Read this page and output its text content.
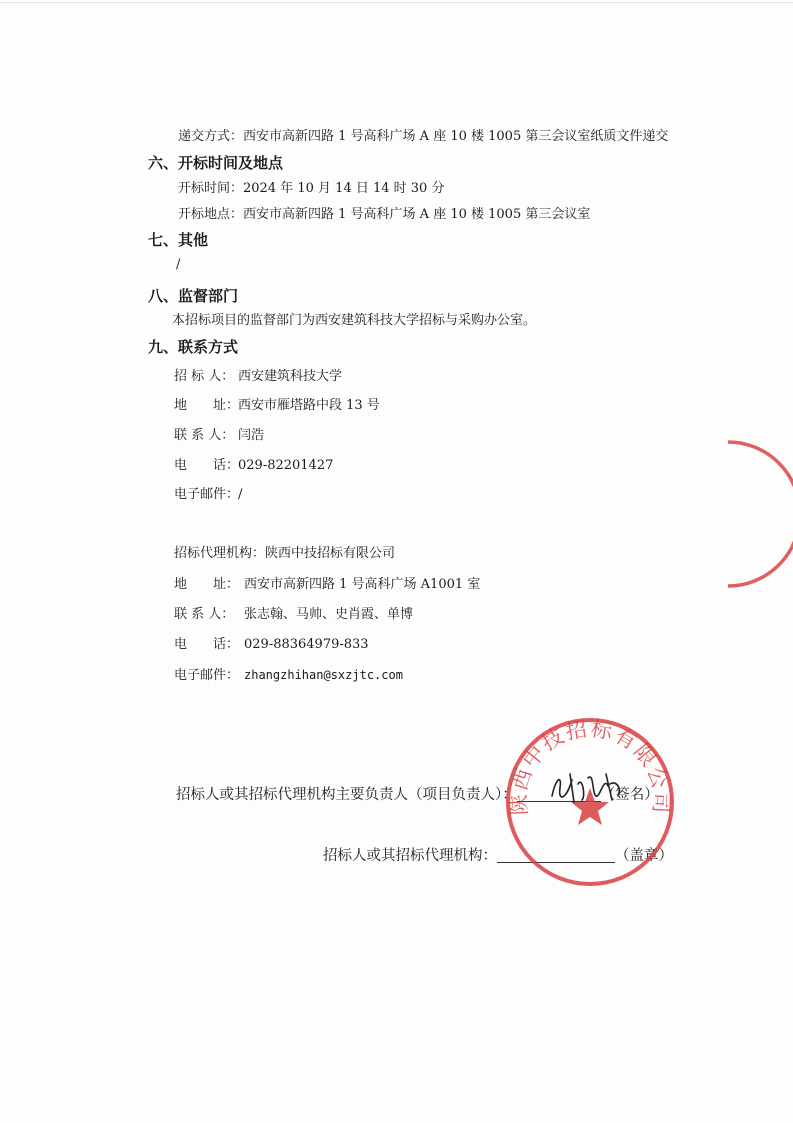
递交方式：西安市高新四路 1 号高科广场 A 座 10 楼 1005 第三会议室纸质文件递交
六、开标时间及地点
开标时间：2024 年 10 月 14 日 14 时 30 分
开标地点：西安市高新四路 1 号高科广场 A 座 10 楼 1005 第三会议室
七、其他
/
八、监督部门
本招标项目的监督部门为西安建筑科技大学招标与采购办公室。
九、联系方式
招 标 人： 西安建筑科技大学
地　　址：西安市雁塔路中段 13 号
联 系 人： 闫浩
电　　话：029-82201427
电子邮件：/
招标代理机构：陕西中技招标有限公司
地　　址： 西安市高新四路 1 号高科广场 A1001 室
联 系 人： 张志翰、马帅、史肖霞、单博
电　　话： 029-88364979-833
电子邮件： zhangzhihan@sxzjtc.com
招标人或其招标代理机构主要负责人（项目负责人）：	（签名）
招标人或其招标代理机构：	（盖章）
陕西中技招标有限公司
